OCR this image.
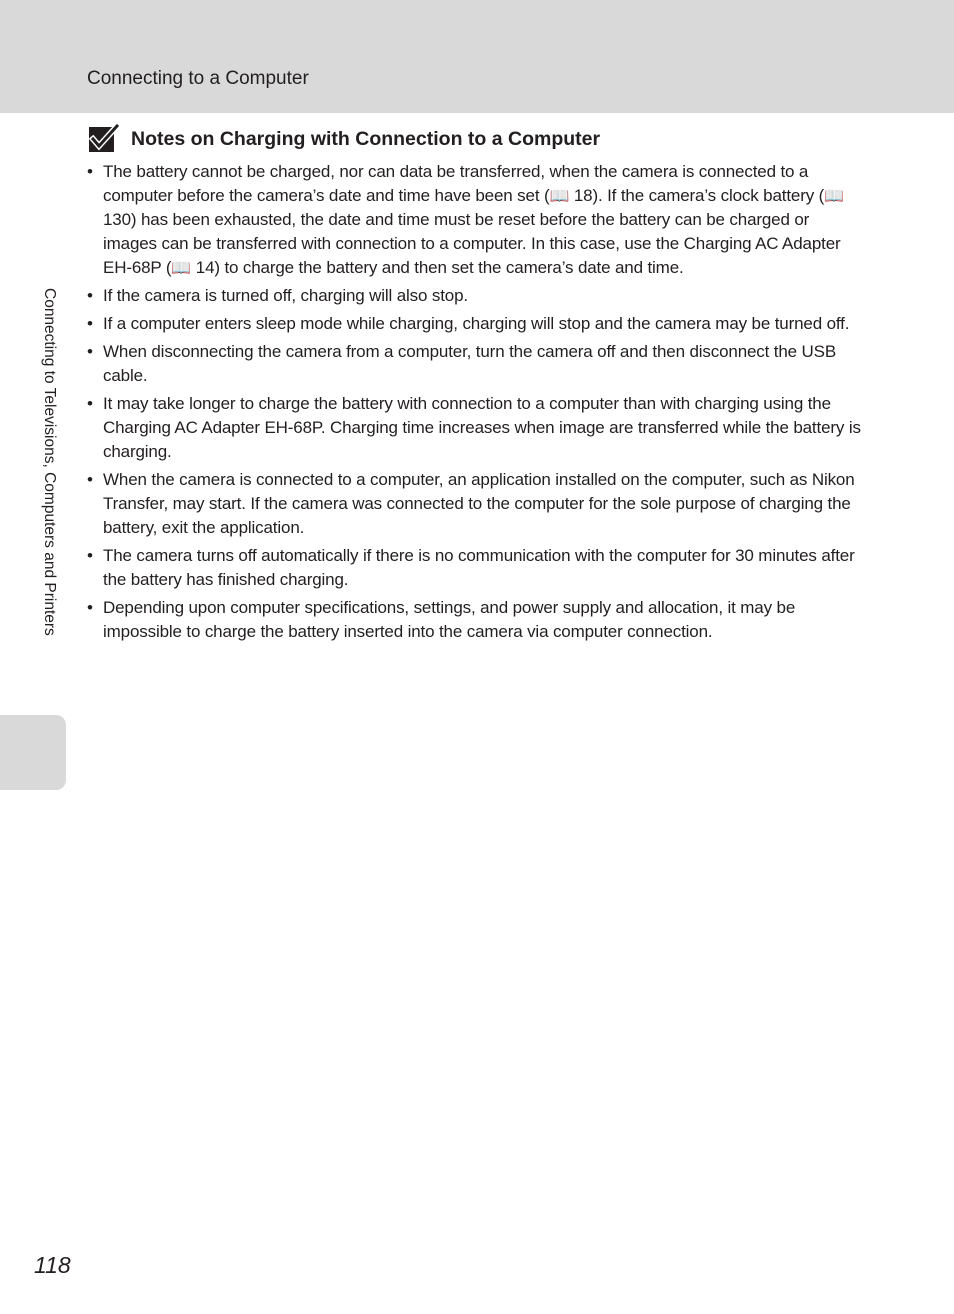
Connecting to a Computer
Connecting to Televisions, Computers and Printers
Notes on Charging with Connection to a Computer
• The battery cannot be charged, nor can data be transferred, when the camera is connected to a computer before the camera’s date and time have been set (📖 18). If the camera’s clock battery (📖 130) has been exhausted, the date and time must be reset before the battery can be charged or images can be transferred with connection to a computer. In this case, use the Charging AC Adapter EH-68P (📖 14) to charge the battery and then set the camera’s date and time.
• If the camera is turned off, charging will also stop.
• If a computer enters sleep mode while charging, charging will stop and the camera may be turned off.
• When disconnecting the camera from a computer, turn the camera off and then disconnect the USB cable.
• It may take longer to charge the battery with connection to a computer than with charging using the Charging AC Adapter EH-68P. Charging time increases when image are transferred while the battery is charging.
• When the camera is connected to a computer, an application installed on the computer, such as Nikon Transfer, may start. If the camera was connected to the computer for the sole purpose of charging the battery, exit the application.
• The camera turns off automatically if there is no communication with the computer for 30 minutes after the battery has finished charging.
• Depending upon computer specifications, settings, and power supply and allocation, it may be impossible to charge the battery inserted into the camera via computer connection.
118
